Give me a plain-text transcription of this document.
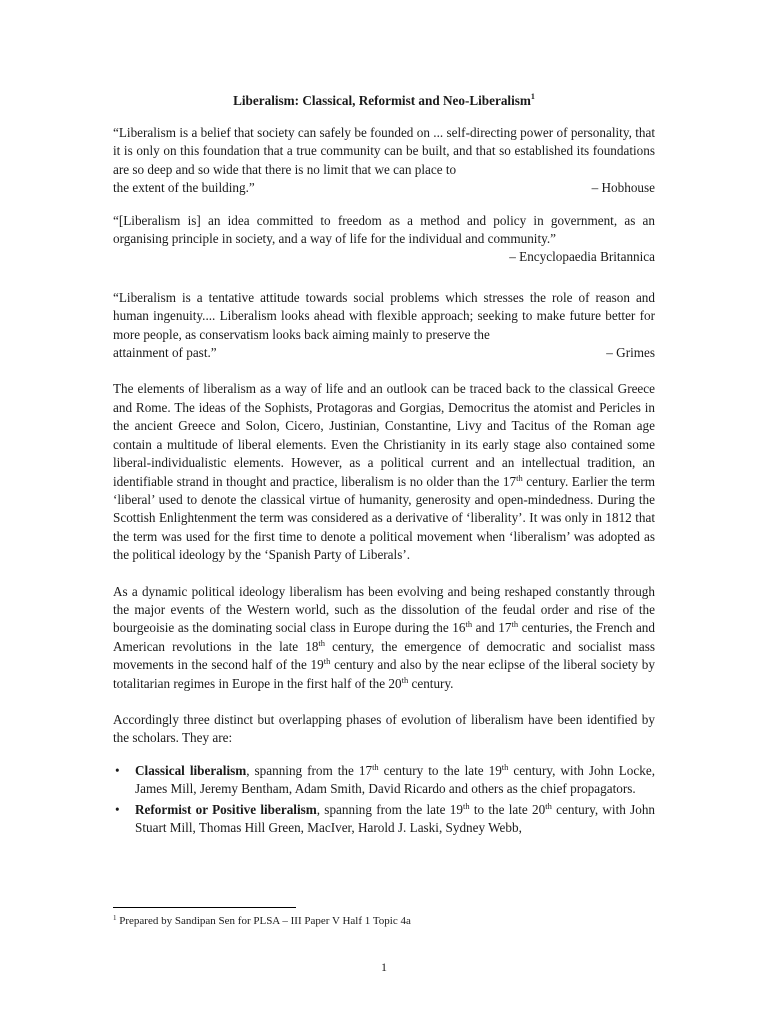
Liberalism: Classical, Reformist and Neo-Liberalism$^1$
“Liberalism is a belief that society can safely be founded on ... self-directing power of personality, that it is only on this foundation that a true community can be built, and that so established its foundations are so deep and so wide that there is no limit that we can place to
the extent of the building.”	– Hobhouse
“[Liberalism is] an idea committed to freedom as a method and policy in government, as an organising principle in society, and a way of life for the individual and community.”
– Encyclopaedia Britannica
“Liberalism is a tentative attitude towards social problems which stresses the role of reason and human ingenuity.... Liberalism looks ahead with flexible approach; seeking to make future better for more people, as conservatism looks back aiming mainly to preserve the
attainment of past.”	– Grimes

The elements of liberalism as a way of life and an outlook can be traced back to the classical Greece and Rome. The ideas of the Sophists, Protagoras and Gorgias, Democritus the atomist and Pericles in the ancient Greece and Solon, Cicero, Justinian, Constantine, Livy and Tacitus of the Roman age contain a multitude of liberal elements. Even the Christianity in its early stage also contained some liberal-individualistic elements. However, as a political current and an intellectual tradition, an identifiable strand in thought and practice, liberalism is no older than the 17th century. Earlier the term ‘liberal’ used to denote the classical virtue of humanity, generosity and open-mindedness. During the Scottish Enlightenment the term was considered as a derivative of ‘liberality’. It was only in 1812 that the term was used for the first time to denote a political movement when ‘liberalism’ was adopted as the political ideology by the ‘Spanish Party of Liberals’.

As a dynamic political ideology liberalism has been evolving and being reshaped constantly through the major events of the Western world, such as the dissolution of the feudal order and rise of the bourgeoisie as the dominating social class in Europe during the 16th and 17th centuries, the French and American revolutions in the late 18th century, the emergence of democratic and socialist mass movements in the second half of the 19th century and also by the near eclipse of the liberal society by totalitarian regimes in Europe in the first half of the 20th century.

Accordingly three distinct but overlapping phases of evolution of liberalism have been identified by the scholars. They are:

• Classical liberalism, spanning from the 17th century to the late 19th century, with John Locke, James Mill, Jeremy Bentham, Adam Smith, David Ricardo and others as the chief propagators.
• Reformist or Positive liberalism, spanning from the late 19th to the late 20th century, with John Stuart Mill, Thomas Hill Green, MacIver, Harold J. Laski, Sydney Webb,
$^1$ Prepared by Sandipan Sen for PLSA – III Paper V Half 1 Topic 4a
1
